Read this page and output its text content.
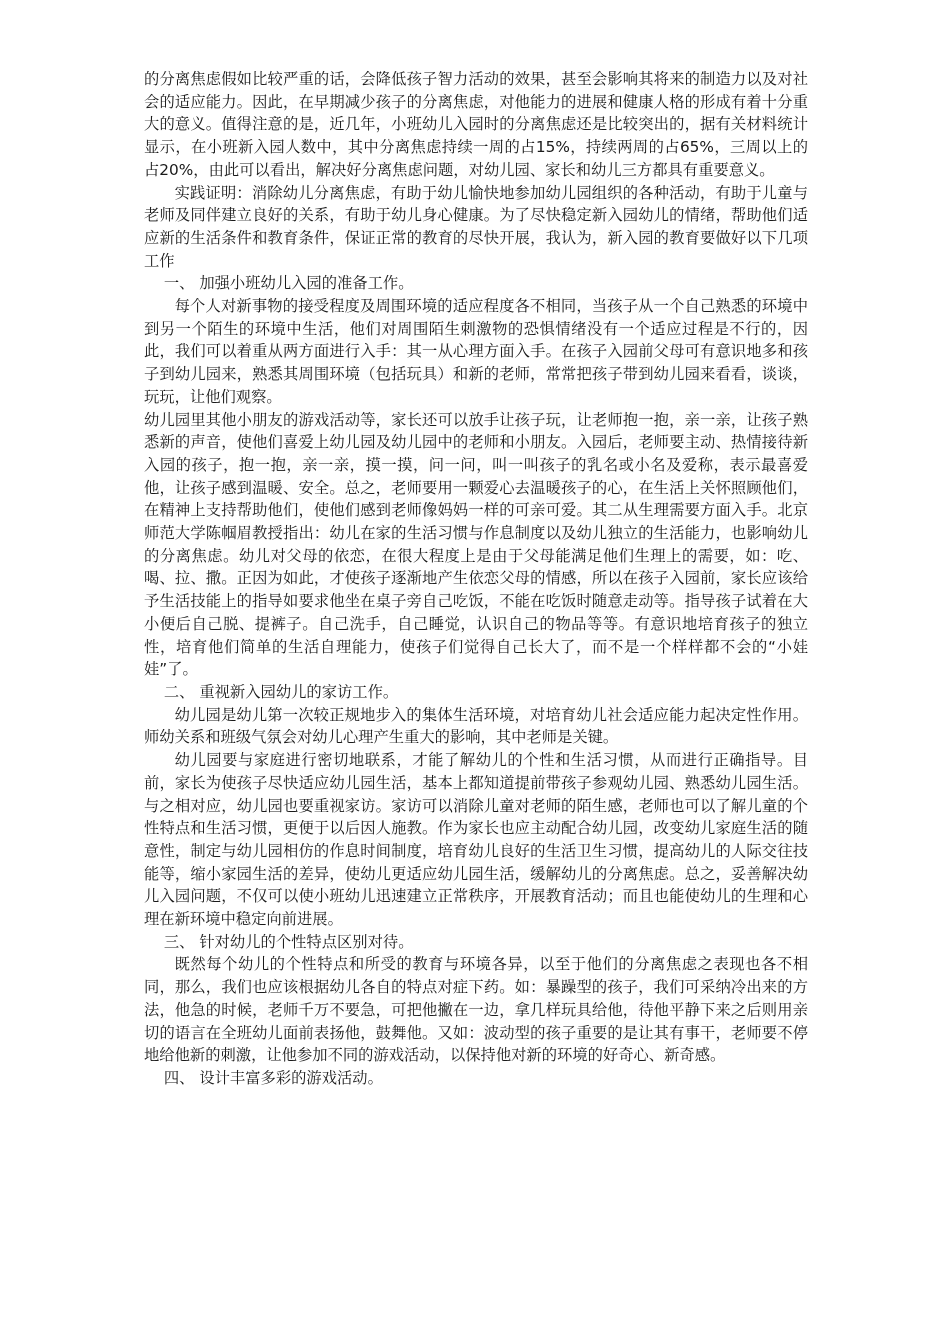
的分离焦虑假如比较严重的话，会降低孩子智力活动的效果，甚至会影响其将来的制造力以及对社会的适应能力。因此，在早期减少孩子的分离焦虑，对他能力的进展和健康人格的形成有着十分重大的意义。值得注意的是，近几年，小班幼儿入园时的分离焦虑还是比较突出的，据有关材料统计显示，在小班新入园人数中，其中分离焦虑持续一周的占15%，持续两周的占65%，三周以上的占20%，由此可以看出，解决好分离焦虑问题，对幼儿园、家长和幼儿三方都具有重要意义。

实践证明：消除幼儿分离焦虑，有助于幼儿愉快地参加幼儿园组织的各种活动，有助于儿童与老师及同伴建立良好的关系，有助于幼儿身心健康。为了尽快稳定新入园幼儿的情绪，帮助他们适应新的生活条件和教育条件，保证正常的教育的尽快开展，我认为，新入园的教育要做好以下几项工作

一、 加强小班幼儿入园的准备工作。

每个人对新事物的接受程度及周围环境的适应程度各不相同，当孩子从一个自己熟悉的环境中到另一个陌生的环境中生活，他们对周围陌生刺激物的恐惧情绪没有一个适应过程是不行的，因此，我们可以着重从两方面进行入手：其一从心理方面入手。在孩子入园前父母可有意识地多和孩子到幼儿园来，熟悉其周围环境（包括玩具）和新的老师，常常把孩子带到幼儿园来看看，谈谈，玩玩，让他们观察。

幼儿园里其他小朋友的游戏活动等，家长还可以放手让孩子玩，让老师抱一抱，亲一亲，让孩子熟悉新的声音，使他们喜爱上幼儿园及幼儿园中的老师和小朋友。入园后，老师要主动、热情接待新入园的孩子，抱一抱，亲一亲，摸一摸，问一问，叫一叫孩子的乳名或小名及爱称，表示最喜爱他，让孩子感到温暖、安全。总之，老师要用一颗爱心去温暖孩子的心，在生活上关怀照顾他们，在精神上支持帮助他们，使他们感到老师像妈妈一样的可亲可爱。其二从生理需要方面入手。北京师范大学陈帼眉教授指出：幼儿在家的生活习惯与作息制度以及幼儿独立的生活能力，也影响幼儿的分离焦虑。幼儿对父母的依恋，在很大程度上是由于父母能满足他们生理上的需要，如：吃、喝、拉、撒。正因为如此，才使孩子逐渐地产生依恋父母的情感，所以在孩子入园前，家长应该给予生活技能上的指导如要求他坐在桌子旁自己吃饭，不能在吃饭时随意走动等。指导孩子试着在大小便后自己脱、提裤子。自己洗手，自己睡觉，认识自己的物品等等。有意识地培育孩子的独立性，培育他们简单的生活自理能力，使孩子们觉得自己长大了，而不是一个样样都不会的“小娃娃”了。

二、 重视新入园幼儿的家访工作。

幼儿园是幼儿第一次较正规地步入的集体生活环境，对培育幼儿社会适应能力起决定性作用。师幼关系和班级气氛会对幼儿心理产生重大的影响，其中老师是关键。

幼儿园要与家庭进行密切地联系，才能了解幼儿的个性和生活习惯，从而进行正确指导。目前，家长为使孩子尽快适应幼儿园生活，基本上都知道提前带孩子参观幼儿园、熟悉幼儿园生活。与之相对应，幼儿园也要重视家访。家访可以消除儿童对老师的陌生感，老师也可以了解儿童的个性特点和生活习惯，更便于以后因人施教。作为家长也应主动配合幼儿园，改变幼儿家庭生活的随意性，制定与幼儿园相仿的作息时间制度，培育幼儿良好的生活卫生习惯，提高幼儿的人际交往技能等，缩小家园生活的差异，使幼儿更适应幼儿园生活，缓解幼儿的分离焦虑。总之，妥善解决幼儿入园问题，不仅可以使小班幼儿迅速建立正常秩序，开展教育活动；而且也能使幼儿的生理和心理在新环境中稳定向前进展。

三、 针对幼儿的个性特点区别对待。

既然每个幼儿的个性特点和所受的教育与环境各异，以至于他们的分离焦虑之表现也各不相同，那么，我们也应该根据幼儿各自的特点对症下药。如：暴躁型的孩子，我们可采纳冷出来的方法，他急的时候，老师千万不要急，可把他撇在一边，拿几样玩具给他，待他平静下来之后则用亲切的语言在全班幼儿面前表扬他，鼓舞他。又如：波动型的孩子重要的是让其有事干，老师要不停地给他新的刺激，让他参加不同的游戏活动，以保持他对新的环境的好奇心、新奇感。

四、 设计丰富多彩的游戏活动。
